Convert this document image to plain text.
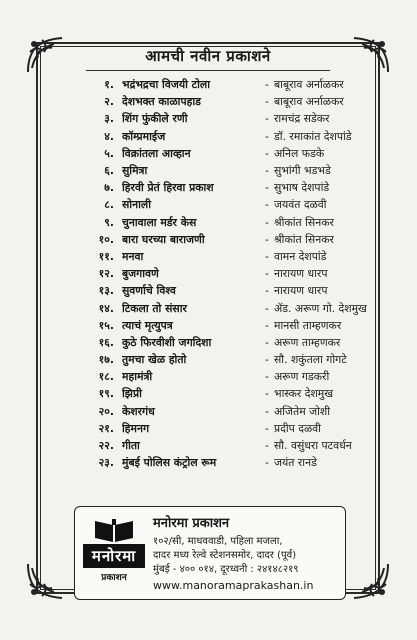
आमची नवीन प्रकाशने
१. भद्रंभद्रचा विजयी टोला	- बाबूराव अर्नाळकर
२. देशभक्त काळापहाड	- बाबूराव अर्नाळकर
३. शिंग फुंकीले रणी	- रामचंद्र सडेकर
४. कॉम्प्रमाईज	- डॉ. रमाकांत देशपांडे
५. विक्रांतला आव्हान	- अनिल फडके
६. सुमित्रा	- सुभांगी भडभडे
७. हिरवी प्रेतं हिरवा प्रकाश	- सुभाष देशपांडे
८. सोनाली	- जयवंत दळवी
९. चुनावाला मर्डर केस	- श्रीकांत सिनकर
१०. बारा घरच्या बाराजणी	- श्रीकांत सिनकर
११. मनवा	- वामन देशपांडे
१२. बुजगावणे	- नारायण धारप
१३. सुवर्णाचे विश्व	- नारायण धारप
१४. टिकला तो संसार	- ॲड. अरूण गो. देशमुख
१५. त्याचं मृत्युपत्र	- मानसी ताम्हणकर
१६. कुठे फिरवीशी जगदिशा	- अरूण ताम्हणकर
१७. तुमचा खेळ होतो	- सौ. शकुंतला गोगटे
१८. महामंत्री	- अरूण गडकरी
१९. झिप्री	- भास्कर देशमुख
२०. केशरगंध	- अजितेम जोशी
२१. हिमनग	- प्रदीप दळवी
२२. गीता	- सौ. वसुंधरा पटवर्धन
२३. मुंबई पोलिस कंट्रोल रूम	- जयंत रानडे
मनोरमा
प्रकाशन
मनोरमा प्रकाशन
१०२/सी, माधववाडी, पहिला मजला,
दादर मध्य रेल्वे स्टेशनसमोर, दादर (पूर्व)
मुंबई - ४०० ०१४, दूरध्वनी : २४१४८२१९
www.manoramaprakashan.in
